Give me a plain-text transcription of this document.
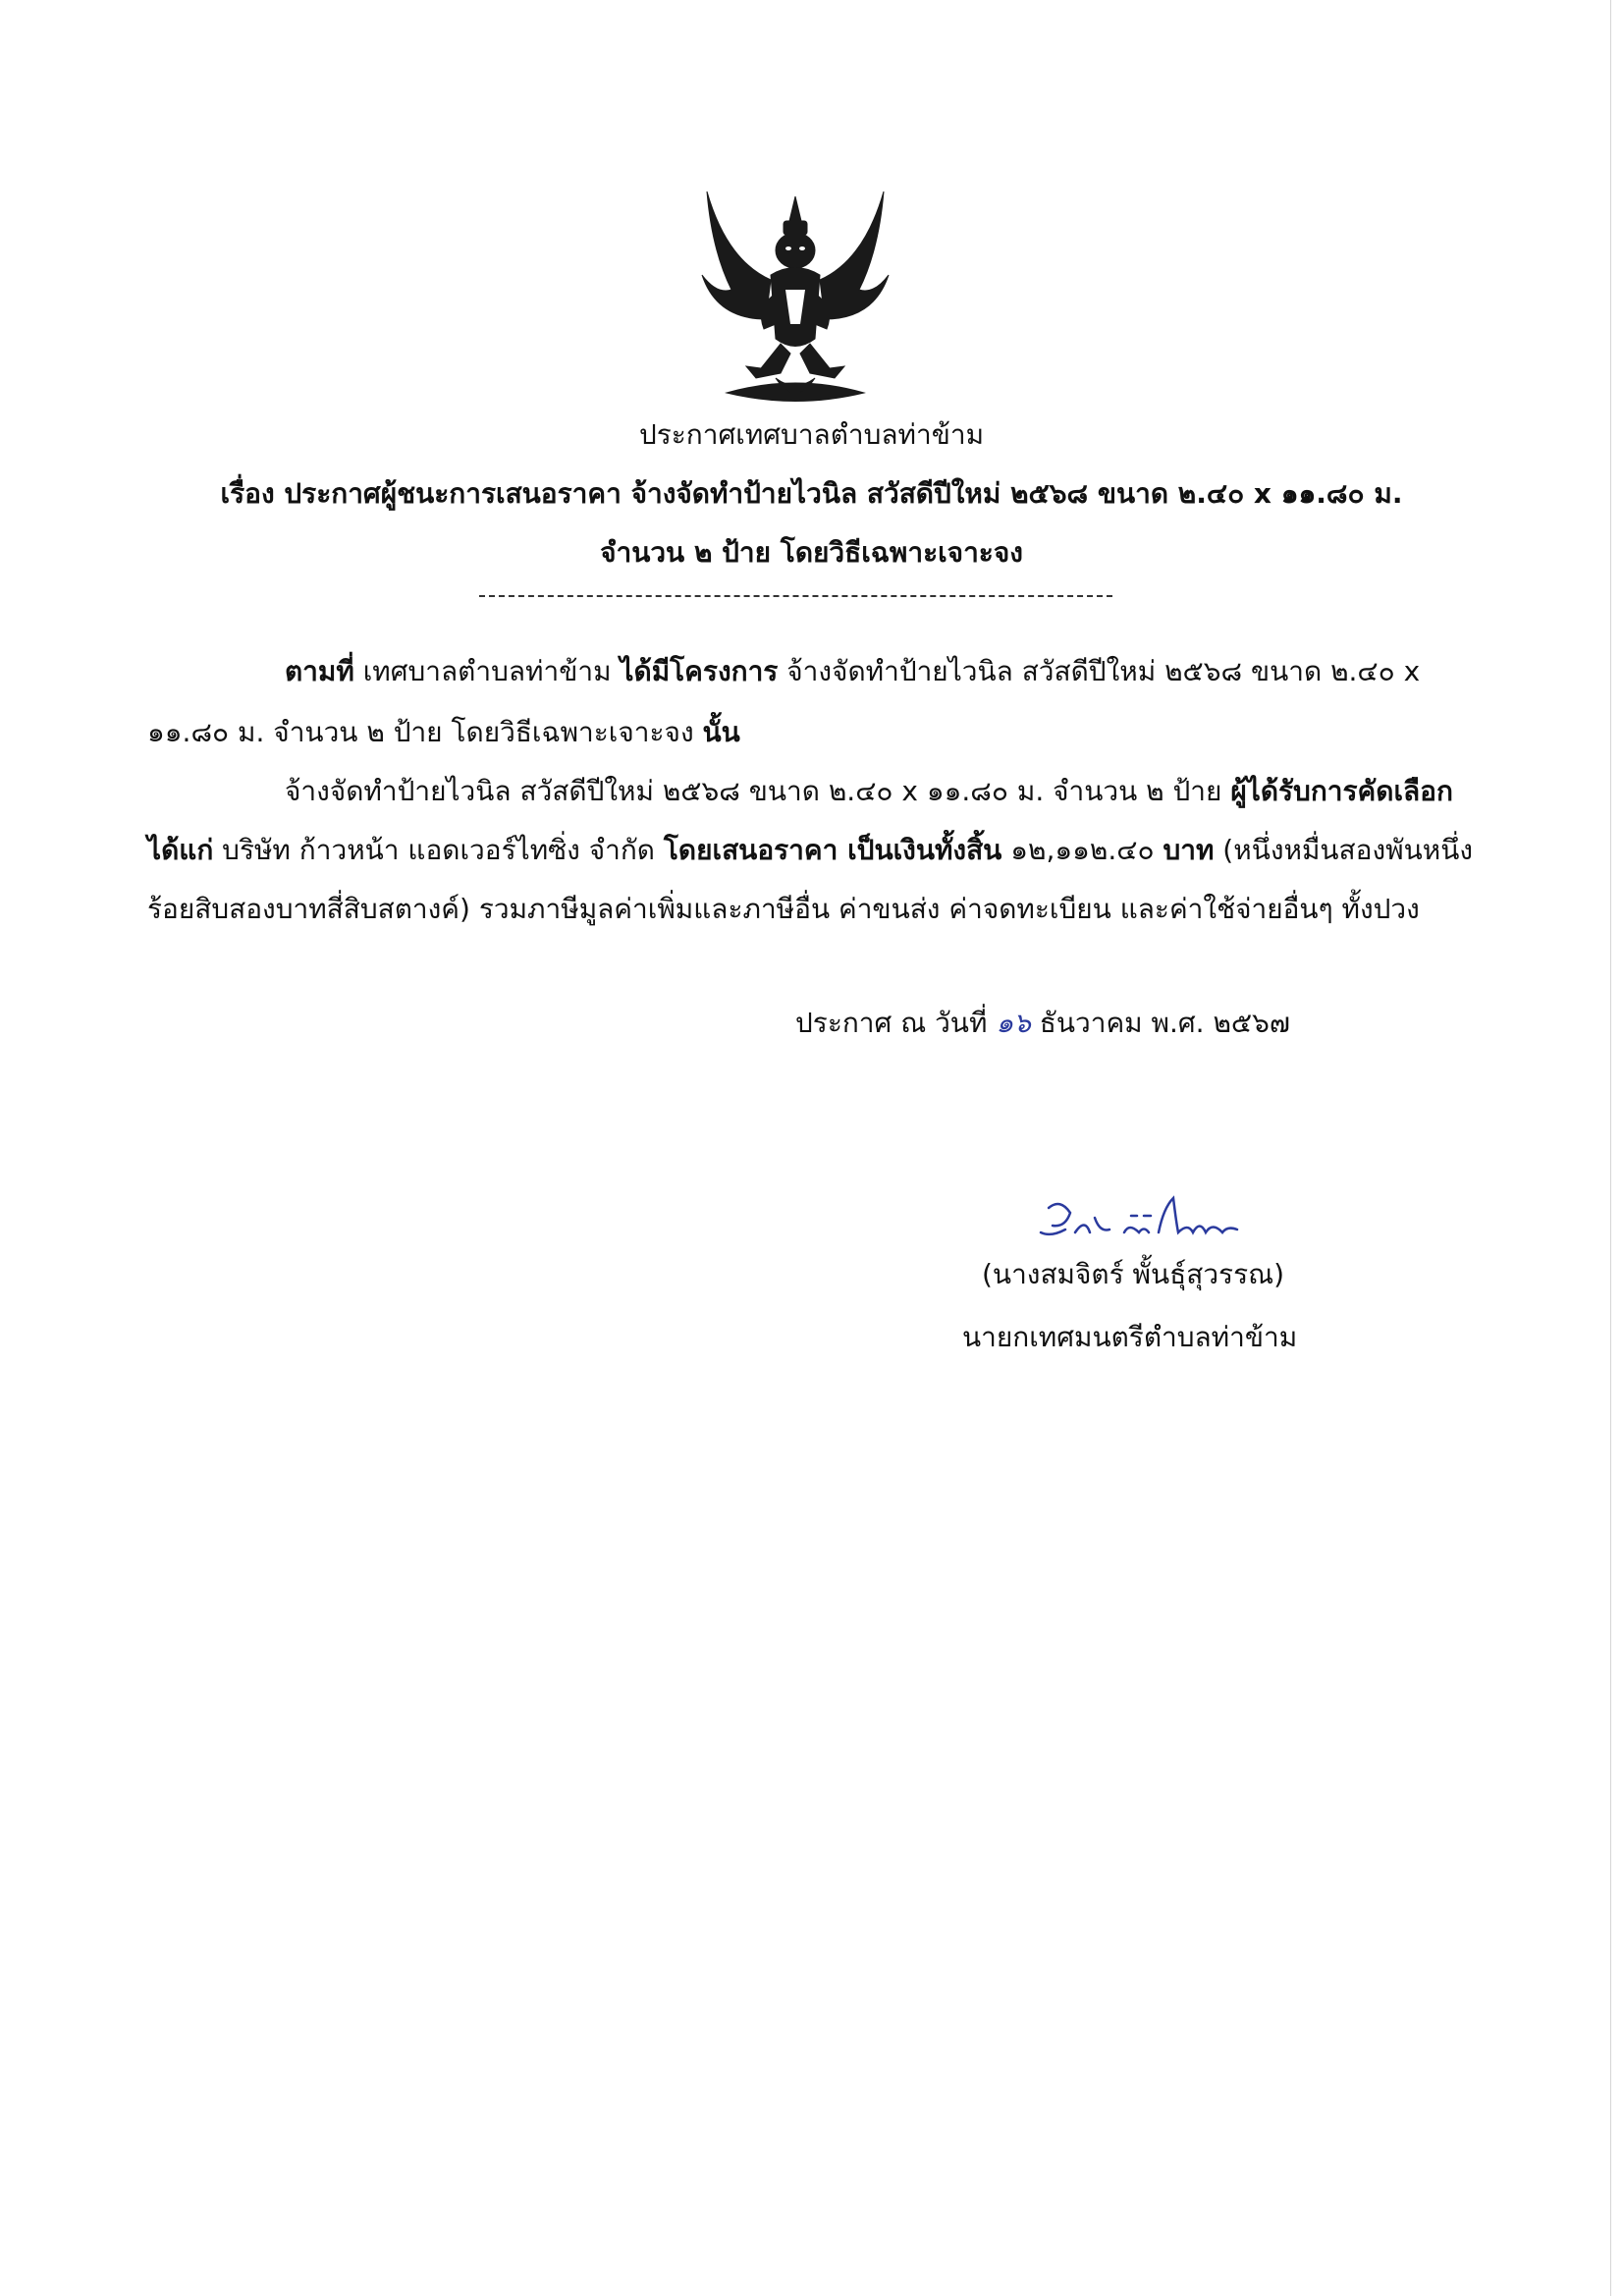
ประกาศเทศบาลตำบลท่าข้าม
เรื่อง ประกาศผู้ชนะการเสนอราคา จ้างจัดทำป้ายไวนิล สวัสดีปีใหม่ ๒๕๖๘ ขนาด ๒.๔๐ x ๑๑.๘๐ ม.
จำนวน ๒ ป้าย โดยวิธีเฉพาะเจาะจง
ตามที่ เทศบาลตำบลท่าข้าม ได้มีโครงการ จ้างจัดทำป้ายไวนิล สวัสดีปีใหม่ ๒๕๖๘ ขนาด ๒.๔๐ x
๑๑.๘๐ ม. จำนวน ๒ ป้าย โดยวิธีเฉพาะเจาะจง นั้น
จ้างจัดทำป้ายไวนิล สวัสดีปีใหม่ ๒๕๖๘ ขนาด ๒.๔๐ x ๑๑.๘๐ ม. จำนวน ๒ ป้าย ผู้ได้รับการคัดเลือก
ได้แก่ บริษัท ก้าวหน้า แอดเวอร์ไทซิ่ง จำกัด โดยเสนอราคา เป็นเงินทั้งสิ้น ๑๒,๑๑๒.๔๐ บาท (หนึ่งหมื่นสองพันหนึ่ง
ร้อยสิบสองบาทสี่สิบสตางค์) รวมภาษีมูลค่าเพิ่มและภาษีอื่น ค่าขนส่ง ค่าจดทะเบียน และค่าใช้จ่ายอื่นๆ ทั้งปวง
ประกาศ ณ วันที่ ๑๖ ธันวาคม พ.ศ. ๒๕๖๗
(นางสมจิตร์ พั้นธุ์สุวรรณ)
นายกเทศมนตรีตำบลท่าข้าม
